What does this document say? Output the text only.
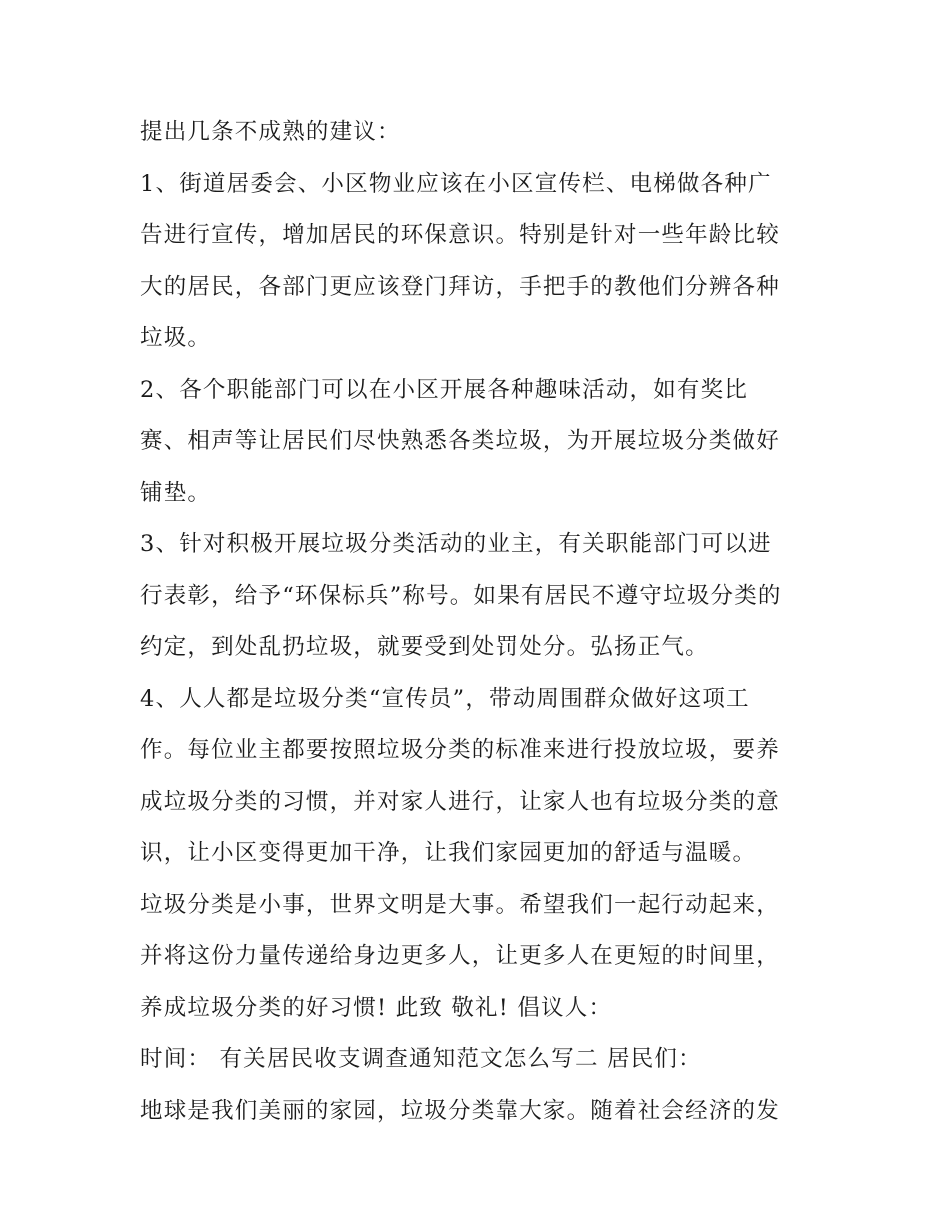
提出几条不成熟的建议：
1、街道居委会、小区物业应该在小区宣传栏、电梯做各种广
告进行宣传，增加居民的环保意识。特别是针对一些年龄比较
大的居民，各部门更应该登门拜访，手把手的教他们分辨各种
垃圾。
2、各个职能部门可以在小区开展各种趣味活动，如有奖比
赛、相声等让居民们尽快熟悉各类垃圾，为开展垃圾分类做好
铺垫。
3、针对积极开展垃圾分类活动的业主，有关职能部门可以进
行表彰，给予“环保标兵”称号。如果有居民不遵守垃圾分类的
约定，到处乱扔垃圾，就要受到处罚处分。弘扬正气。
4、人人都是垃圾分类“宣传员”，带动周围群众做好这项工
作。每位业主都要按照垃圾分类的标准来进行投放垃圾，要养
成垃圾分类的习惯，并对家人进行，让家人也有垃圾分类的意
识，让小区变得更加干净，让我们家园更加的舒适与温暖。
垃圾分类是小事，世界文明是大事。希望我们一起行动起来，
并将这份力量传递给身边更多人，让更多人在更短的时间里，
养成垃圾分类的好习惯! 此致 敬礼! 倡议人：
时间： 有关居民收支调查通知范文怎么写二 居民们：
地球是我们美丽的家园，垃圾分类靠大家。随着社会经济的发
